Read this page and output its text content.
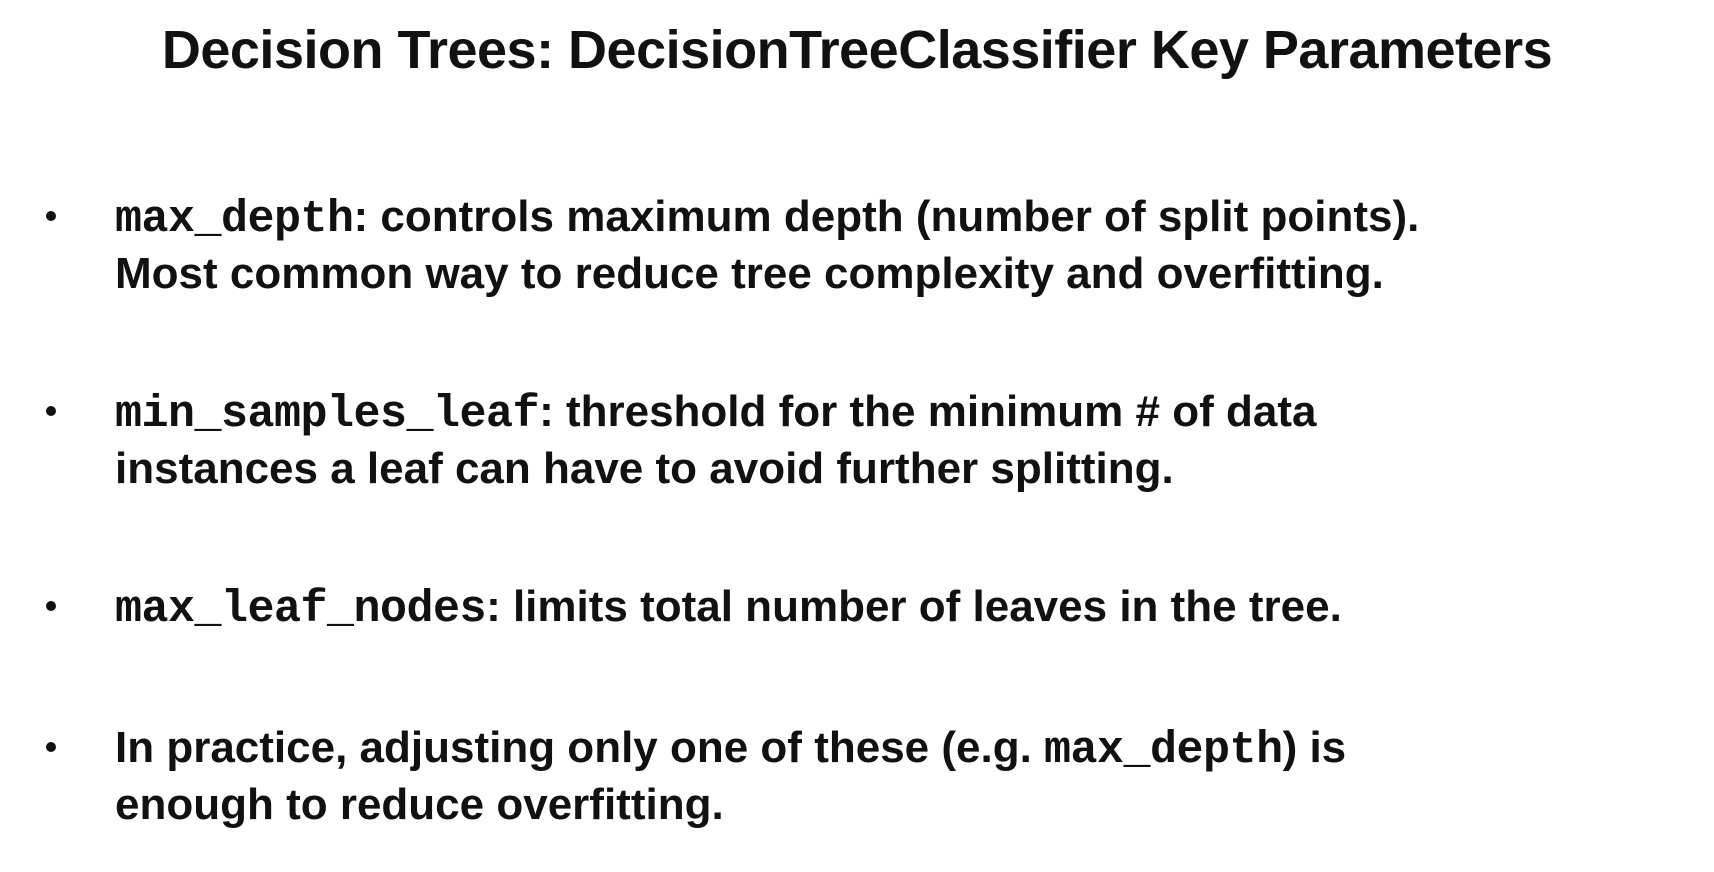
Decision Trees: DecisionTreeClassifier Key Parameters
max_depth: controls maximum depth (number of split points).
Most common way to reduce tree complexity and overfitting.
min_samples_leaf: threshold for the minimum # of data
instances a leaf can have to avoid further splitting.
max_leaf_nodes: limits total number of leaves in the tree.
In practice, adjusting only one of these (e.g. max_depth) is
enough to reduce overfitting.
